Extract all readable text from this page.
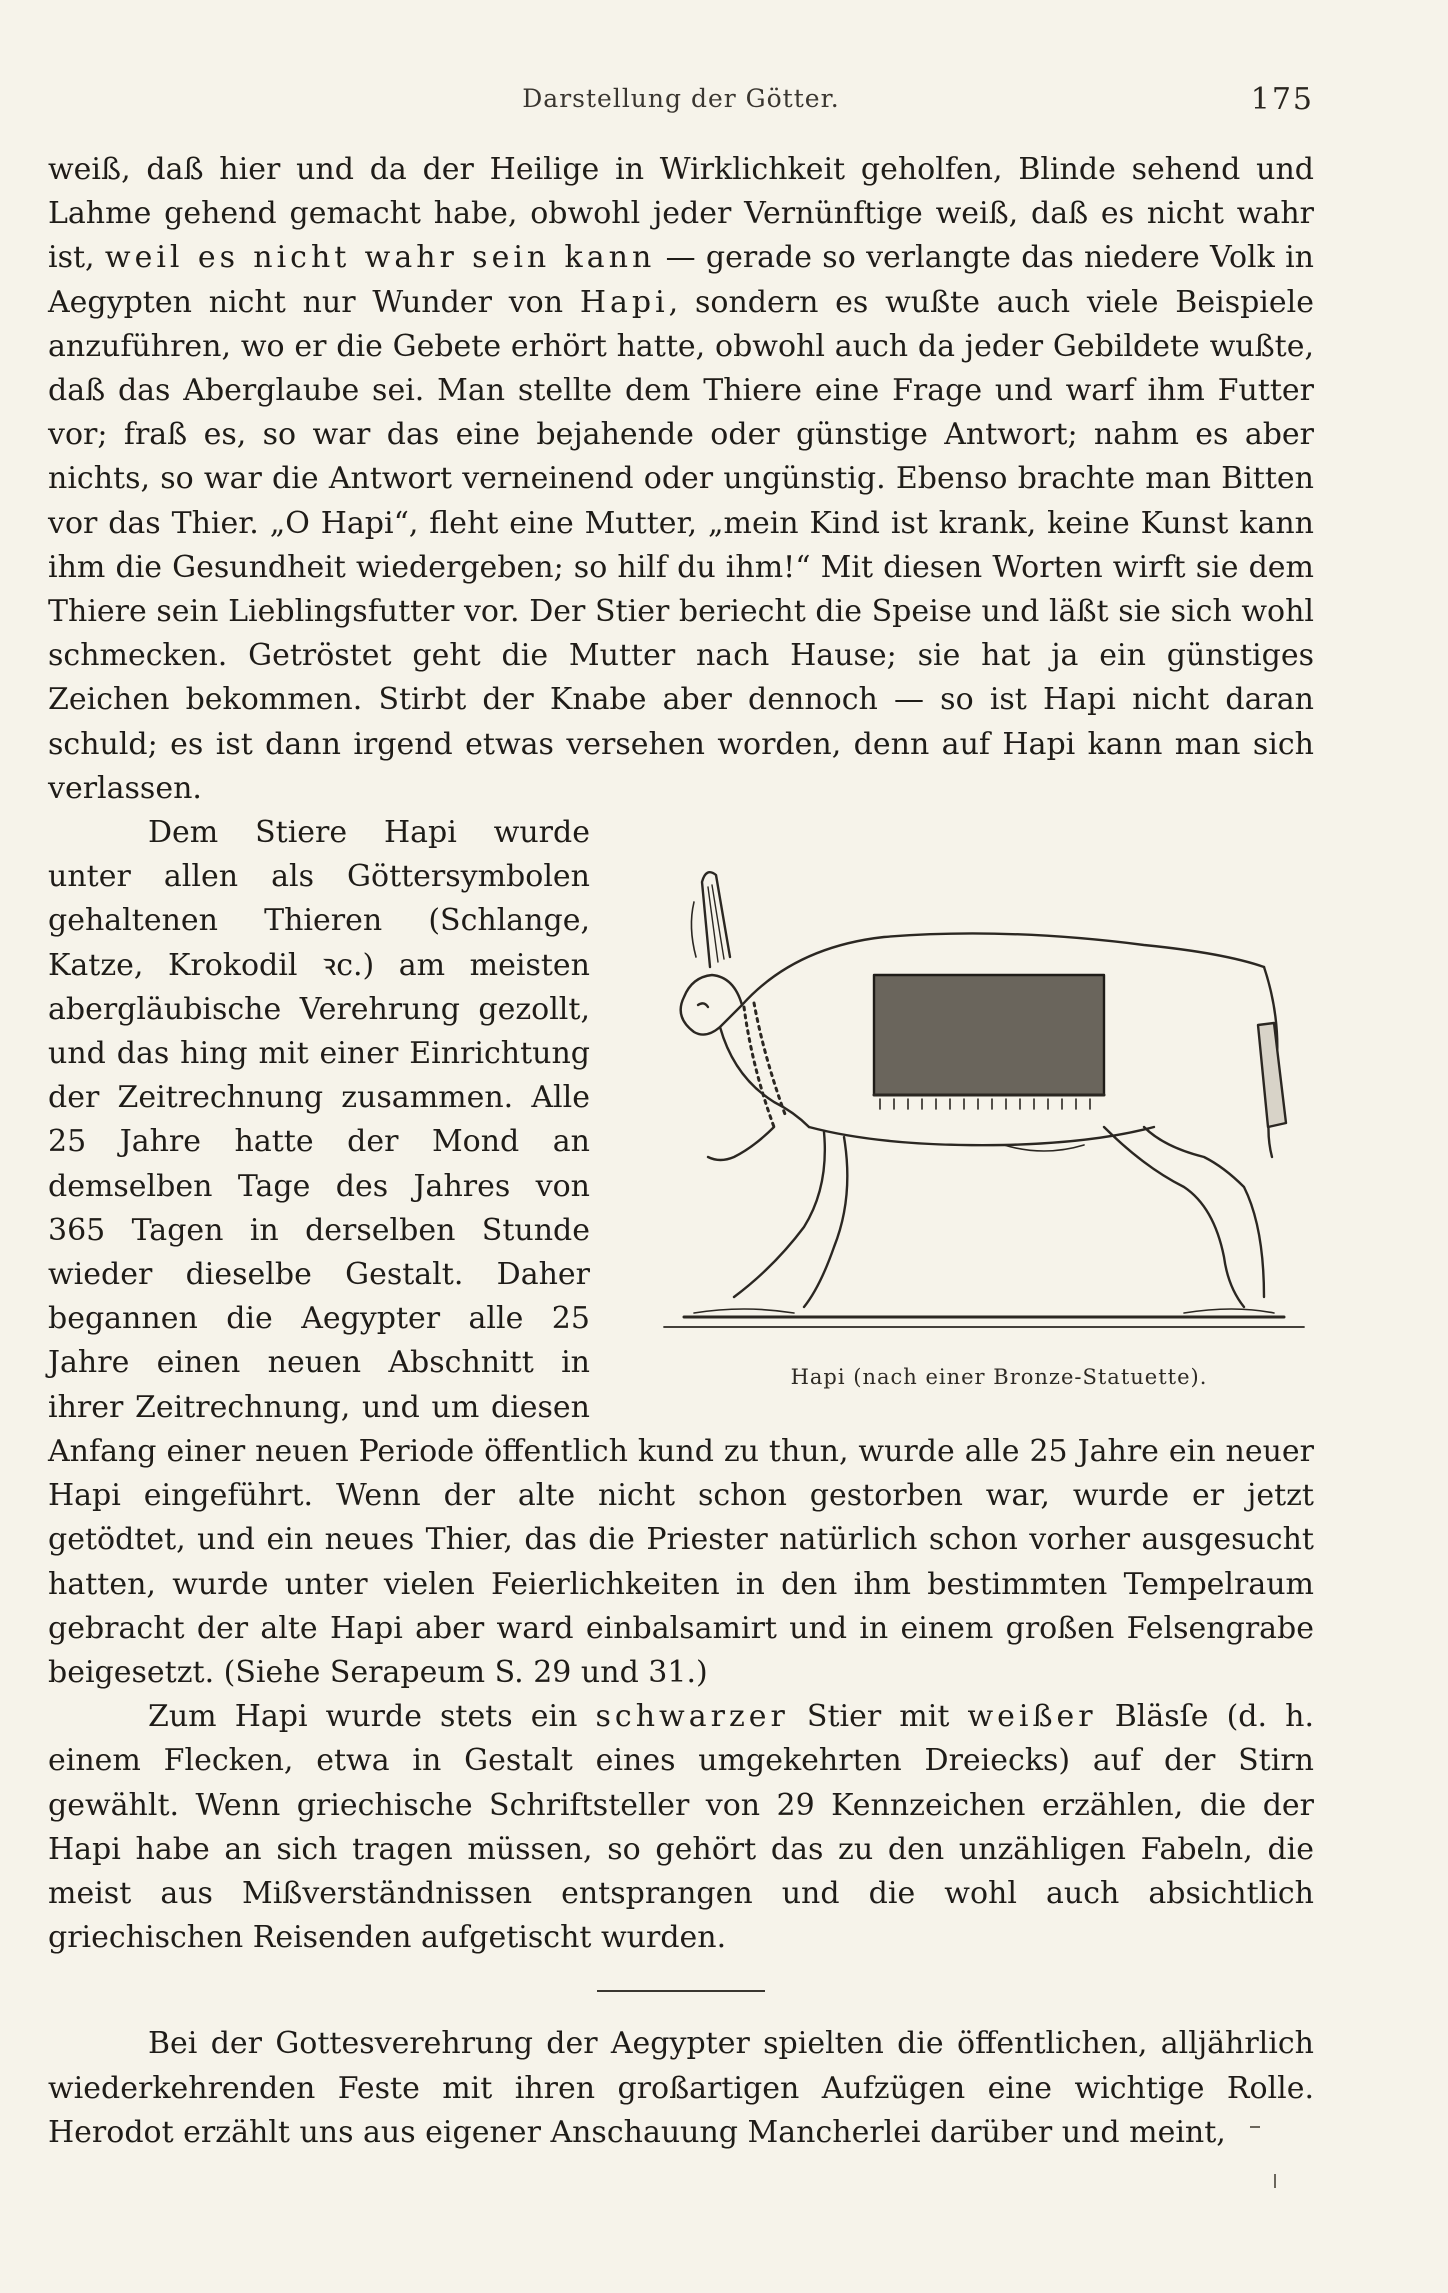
Darstellung der Götter.	175

weiß, daß hier und da der Heilige in Wirklichkeit geholfen, Blinde sehend und Lahme gehend gemacht habe, obwohl jeder Vernünftige weiß, daß es nicht wahr ist, weil es nicht wahr sein kann — gerade so verlangte das niedere Volk in Aegypten nicht nur Wunder von Hapi, sondern es wußte auch viele Beispiele anzuführen, wo er die Gebete erhört hatte, obwohl auch da jeder Gebildete wußte, daß das Aberglaube sei. Man stellte dem Thiere eine Frage und warf ihm Futter vor; fraß es, so war das eine bejahende oder günstige Antwort; nahm es aber nichts, so war die Antwort verneinend oder ungünstig. Ebenso brachte man Bitten vor das Thier. „O Hapi“, fleht eine Mutter, „mein Kind ist krank, keine Kunst kann ihm die Gesundheit wiedergeben; so hilf du ihm!“ Mit diesen Worten wirft sie dem Thiere sein Lieblingsfutter vor. Der Stier beriecht die Speise und läßt sie sich wohl schmecken. Getröstet geht die Mutter nach Hause; sie hat ja ein günstiges Zeichen bekommen. Stirbt der Knabe aber dennoch — so ist Hapi nicht daran schuld; es ist dann irgend etwas versehen worden, denn auf Hapi kann man sich verlassen.

Hapi (nach einer Bronze-Statuette).

Dem Stiere Hapi wurde unter allen als Göttersymbolen gehaltenen Thieren (Schlange, Katze, Krokodil ꝛc.) am meisten abergläubische Verehrung gezollt, und das hing mit einer Einrichtung der Zeitrechnung zusammen. Alle 25 Jahre hatte der Mond an demselben Tage des Jahres von 365 Tagen in derselben Stunde wieder dieselbe Gestalt. Daher begannen die Aegypter alle 25 Jahre einen neuen Abschnitt in ihrer Zeitrechnung, und um diesen Anfang einer neuen Periode öffentlich kund zu thun, wurde alle 25 Jahre ein neuer Hapi eingeführt. Wenn der alte nicht schon gestorben war, wurde er jetzt getödtet, und ein neues Thier, das die Priester natürlich schon vorher ausgesucht hatten, wurde unter vielen Feierlichkeiten in den ihm bestimmten Tempelraum gebracht der alte Hapi aber ward einbalsamirt und in einem großen Felsengrabe beigesetzt. (Siehe Serapeum S. 29 und 31.)

Zum Hapi wurde stets ein schwarzer Stier mit weißer Bläsſe (d. h. einem Flecken, etwa in Gestalt eines umgekehrten Dreiecks) auf der Stirn gewählt. Wenn griechische Schriftsteller von 29 Kennzeichen erzählen, die der Hapi habe an sich tragen müssen, so gehört das zu den unzähligen Fabeln, die meist aus Mißverständnissen entsprangen und die wohl auch absichtlich griechischen Reisenden aufgetischt wurden.

Bei der Gottesverehrung der Aegypter spielten die öffentlichen, alljährlich wiederkehrenden Feste mit ihren großartigen Aufzügen eine wichtige Rolle. Herodot erzählt uns aus eigener Anschauung Mancherlei darüber und meint,
